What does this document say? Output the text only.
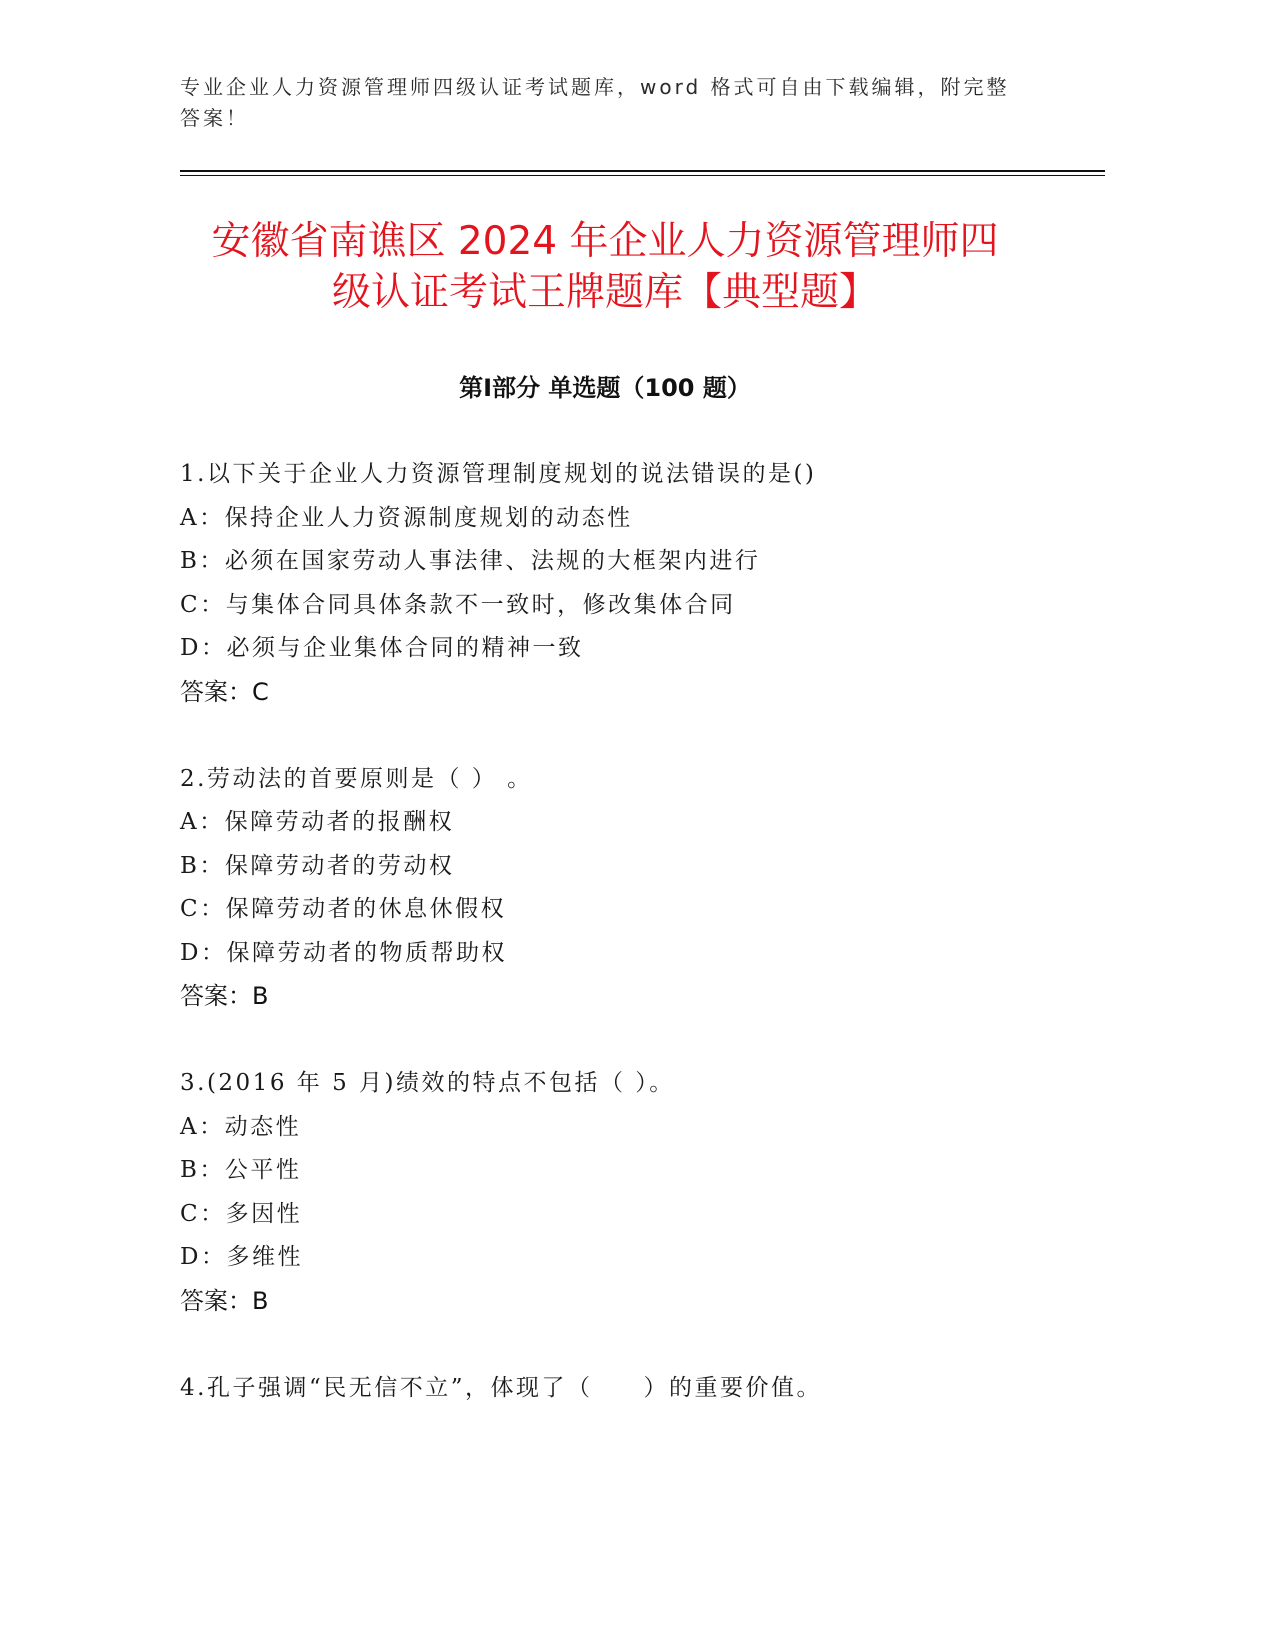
专业企业人力资源管理师四级认证考试题库，word 格式可自由下载编辑，附完整
答案！
安徽省南谯区 2024 年企业人力资源管理师四
级认证考试王牌题库【典型题】
第Ⅰ部分 单选题（100 题）
1.以下关于企业人力资源管理制度规划的说法错误的是()
A：保持企业人力资源制度规划的动态性
B：必须在国家劳动人事法律、法规的大框架内进行
C：与集体合同具体条款不一致时，修改集体合同
D：必须与企业集体合同的精神一致
答案：C
2.劳动法的首要原则是（ ） 。
A：保障劳动者的报酬权
B：保障劳动者的劳动权
C：保障劳动者的休息休假权
D：保障劳动者的物质帮助权
答案：B
3.(2016 年 5 月)绩效的特点不包括（ ）。
A：动态性
B：公平性
C：多因性
D：多维性
答案：B
4.孔子强调“民无信不立”，体现了（　　）的重要价值。
